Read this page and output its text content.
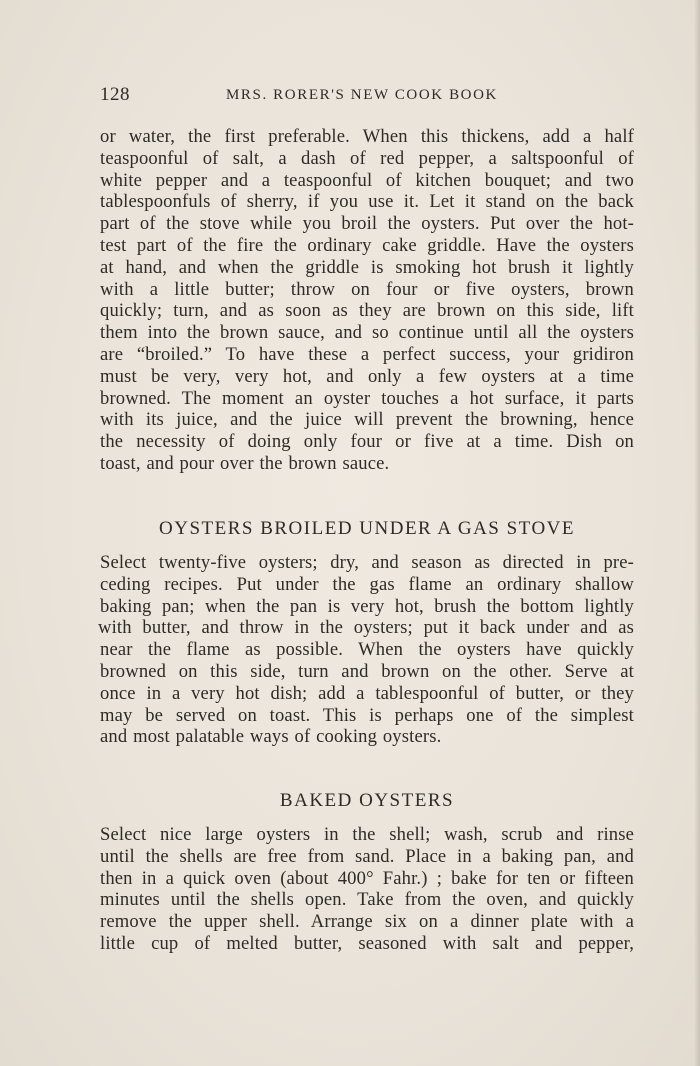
128	MRS. RORER'S NEW COOK BOOK
or water, the first preferable. When this thickens, add a half
teaspoonful of salt, a dash of red pepper, a saltspoonful of
white pepper and a teaspoonful of kitchen bouquet; and two
tablespoonfuls of sherry, if you use it. Let it stand on the back
part of the stove while you broil the oysters. Put over the hot-
test part of the fire the ordinary cake griddle. Have the oysters
at hand, and when the griddle is smoking hot brush it lightly
with a little butter; throw on four or five oysters, brown
quickly; turn, and as soon as they are brown on this side, lift
them into the brown sauce, and so continue until all the oysters
are “broiled.” To have these a perfect success, your gridiron
must be very, very hot, and only a few oysters at a time
browned. The moment an oyster touches a hot surface, it parts
with its juice, and the juice will prevent the browning, hence
the necessity of doing only four or five at a time. Dish on
toast, and pour over the brown sauce.
OYSTERS BROILED UNDER A GAS STOVE
Select twenty-five oysters; dry, and season as directed in pre-
ceding recipes. Put under the gas flame an ordinary shallow
baking pan; when the pan is very hot, brush the bottom lightly
with butter, and throw in the oysters; put it back under and as
near the flame as possible. When the oysters have quickly
browned on this side, turn and brown on the other. Serve at
once in a very hot dish; add a tablespoonful of butter, or they
may be served on toast. This is perhaps one of the simplest
and most palatable ways of cooking oysters.
BAKED OYSTERS
Select nice large oysters in the shell; wash, scrub and rinse
until the shells are free from sand. Place in a baking pan, and
then in a quick oven (about 400° Fahr.) ; bake for ten or fifteen
minutes until the shells open. Take from the oven, and quickly
remove the upper shell. Arrange six on a dinner plate with a
little cup of melted butter, seasoned with salt and pepper,
